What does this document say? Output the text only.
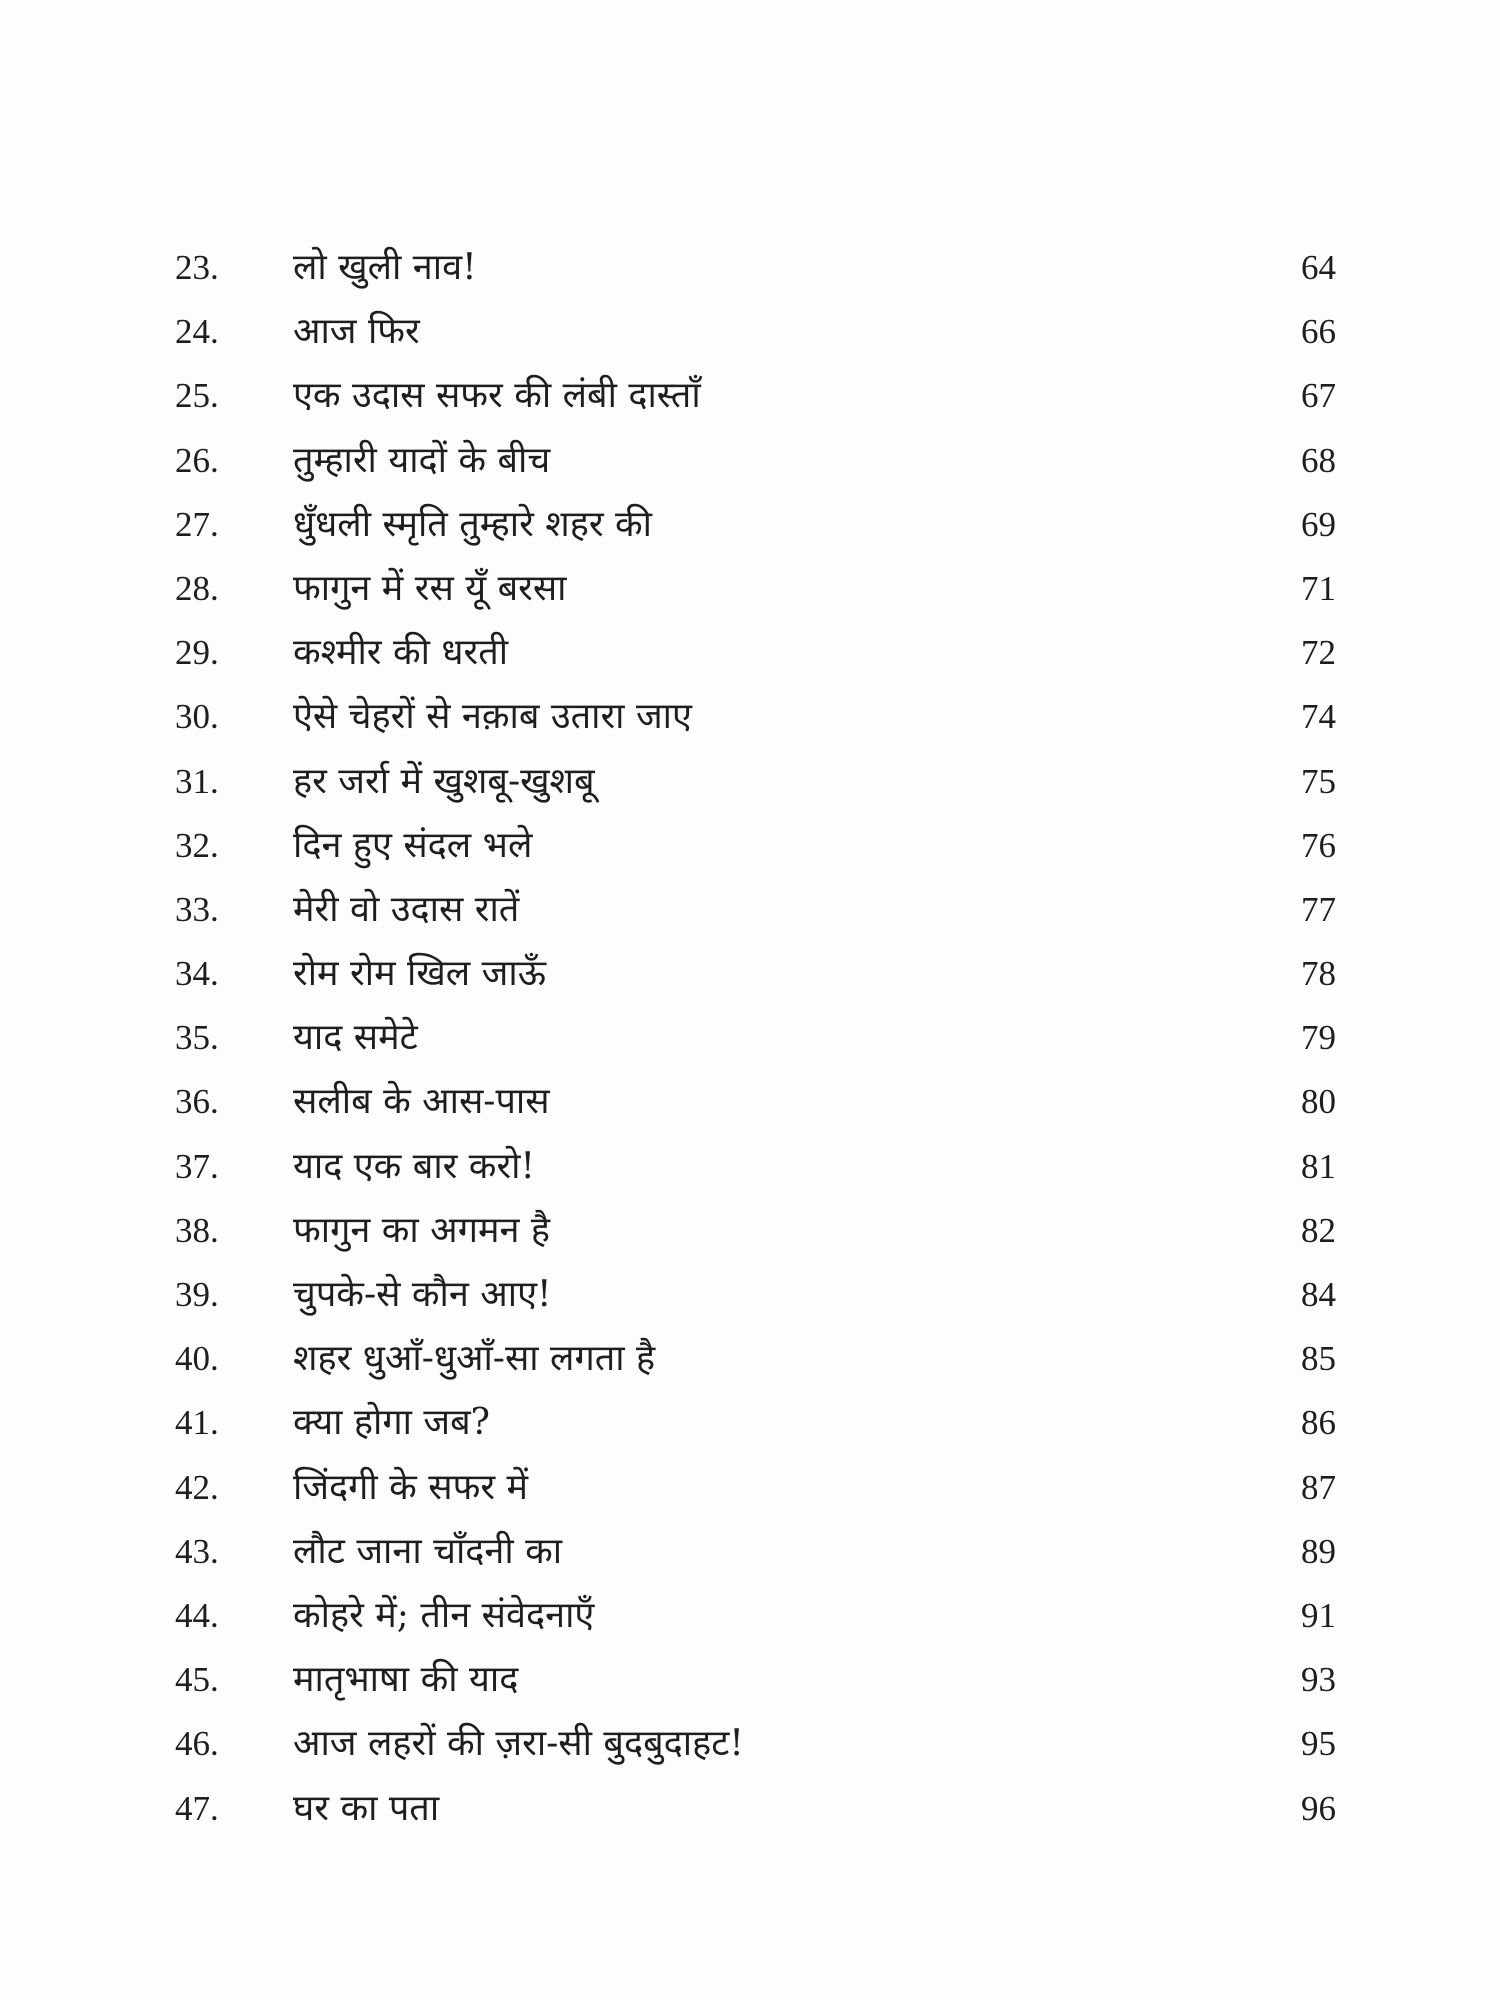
23. लो खुली नाव!	64
24. आज फिर	66
25. एक उदास सफर की लंबी दास्ताँ	67
26. तुम्हारी यादों के बीच	68
27. धुँधली स्मृति तुम्हारे शहर की	69
28. फागुन में रस यूँ बरसा	71
29. कश्मीर की धरती	72
30. ऐसे चेहरों से नक़ाब उतारा जाए	74
31. हर जर्रा में खुशबू-खुशबू	75
32. दिन हुए संदल भले	76
33. मेरी वो उदास रातें	77
34. रोम रोम खिल जाऊँ	78
35. याद समेटे	79
36. सलीब के आस-पास	80
37. याद एक बार करो!	81
38. फागुन का अगमन है	82
39. चुपके-से कौन आए!	84
40. शहर धुआँ-धुआँ-सा लगता है	85
41. क्या होगा जब?	86
42. जिंदगी के सफर में	87
43. लौट जाना चाँदनी का	89
44. कोहरे में; तीन संवेदनाएँ	91
45. मातृभाषा की याद	93
46. आज लहरों की ज़रा-सी बुदबुदाहट!	95
47. घर का पता	96
